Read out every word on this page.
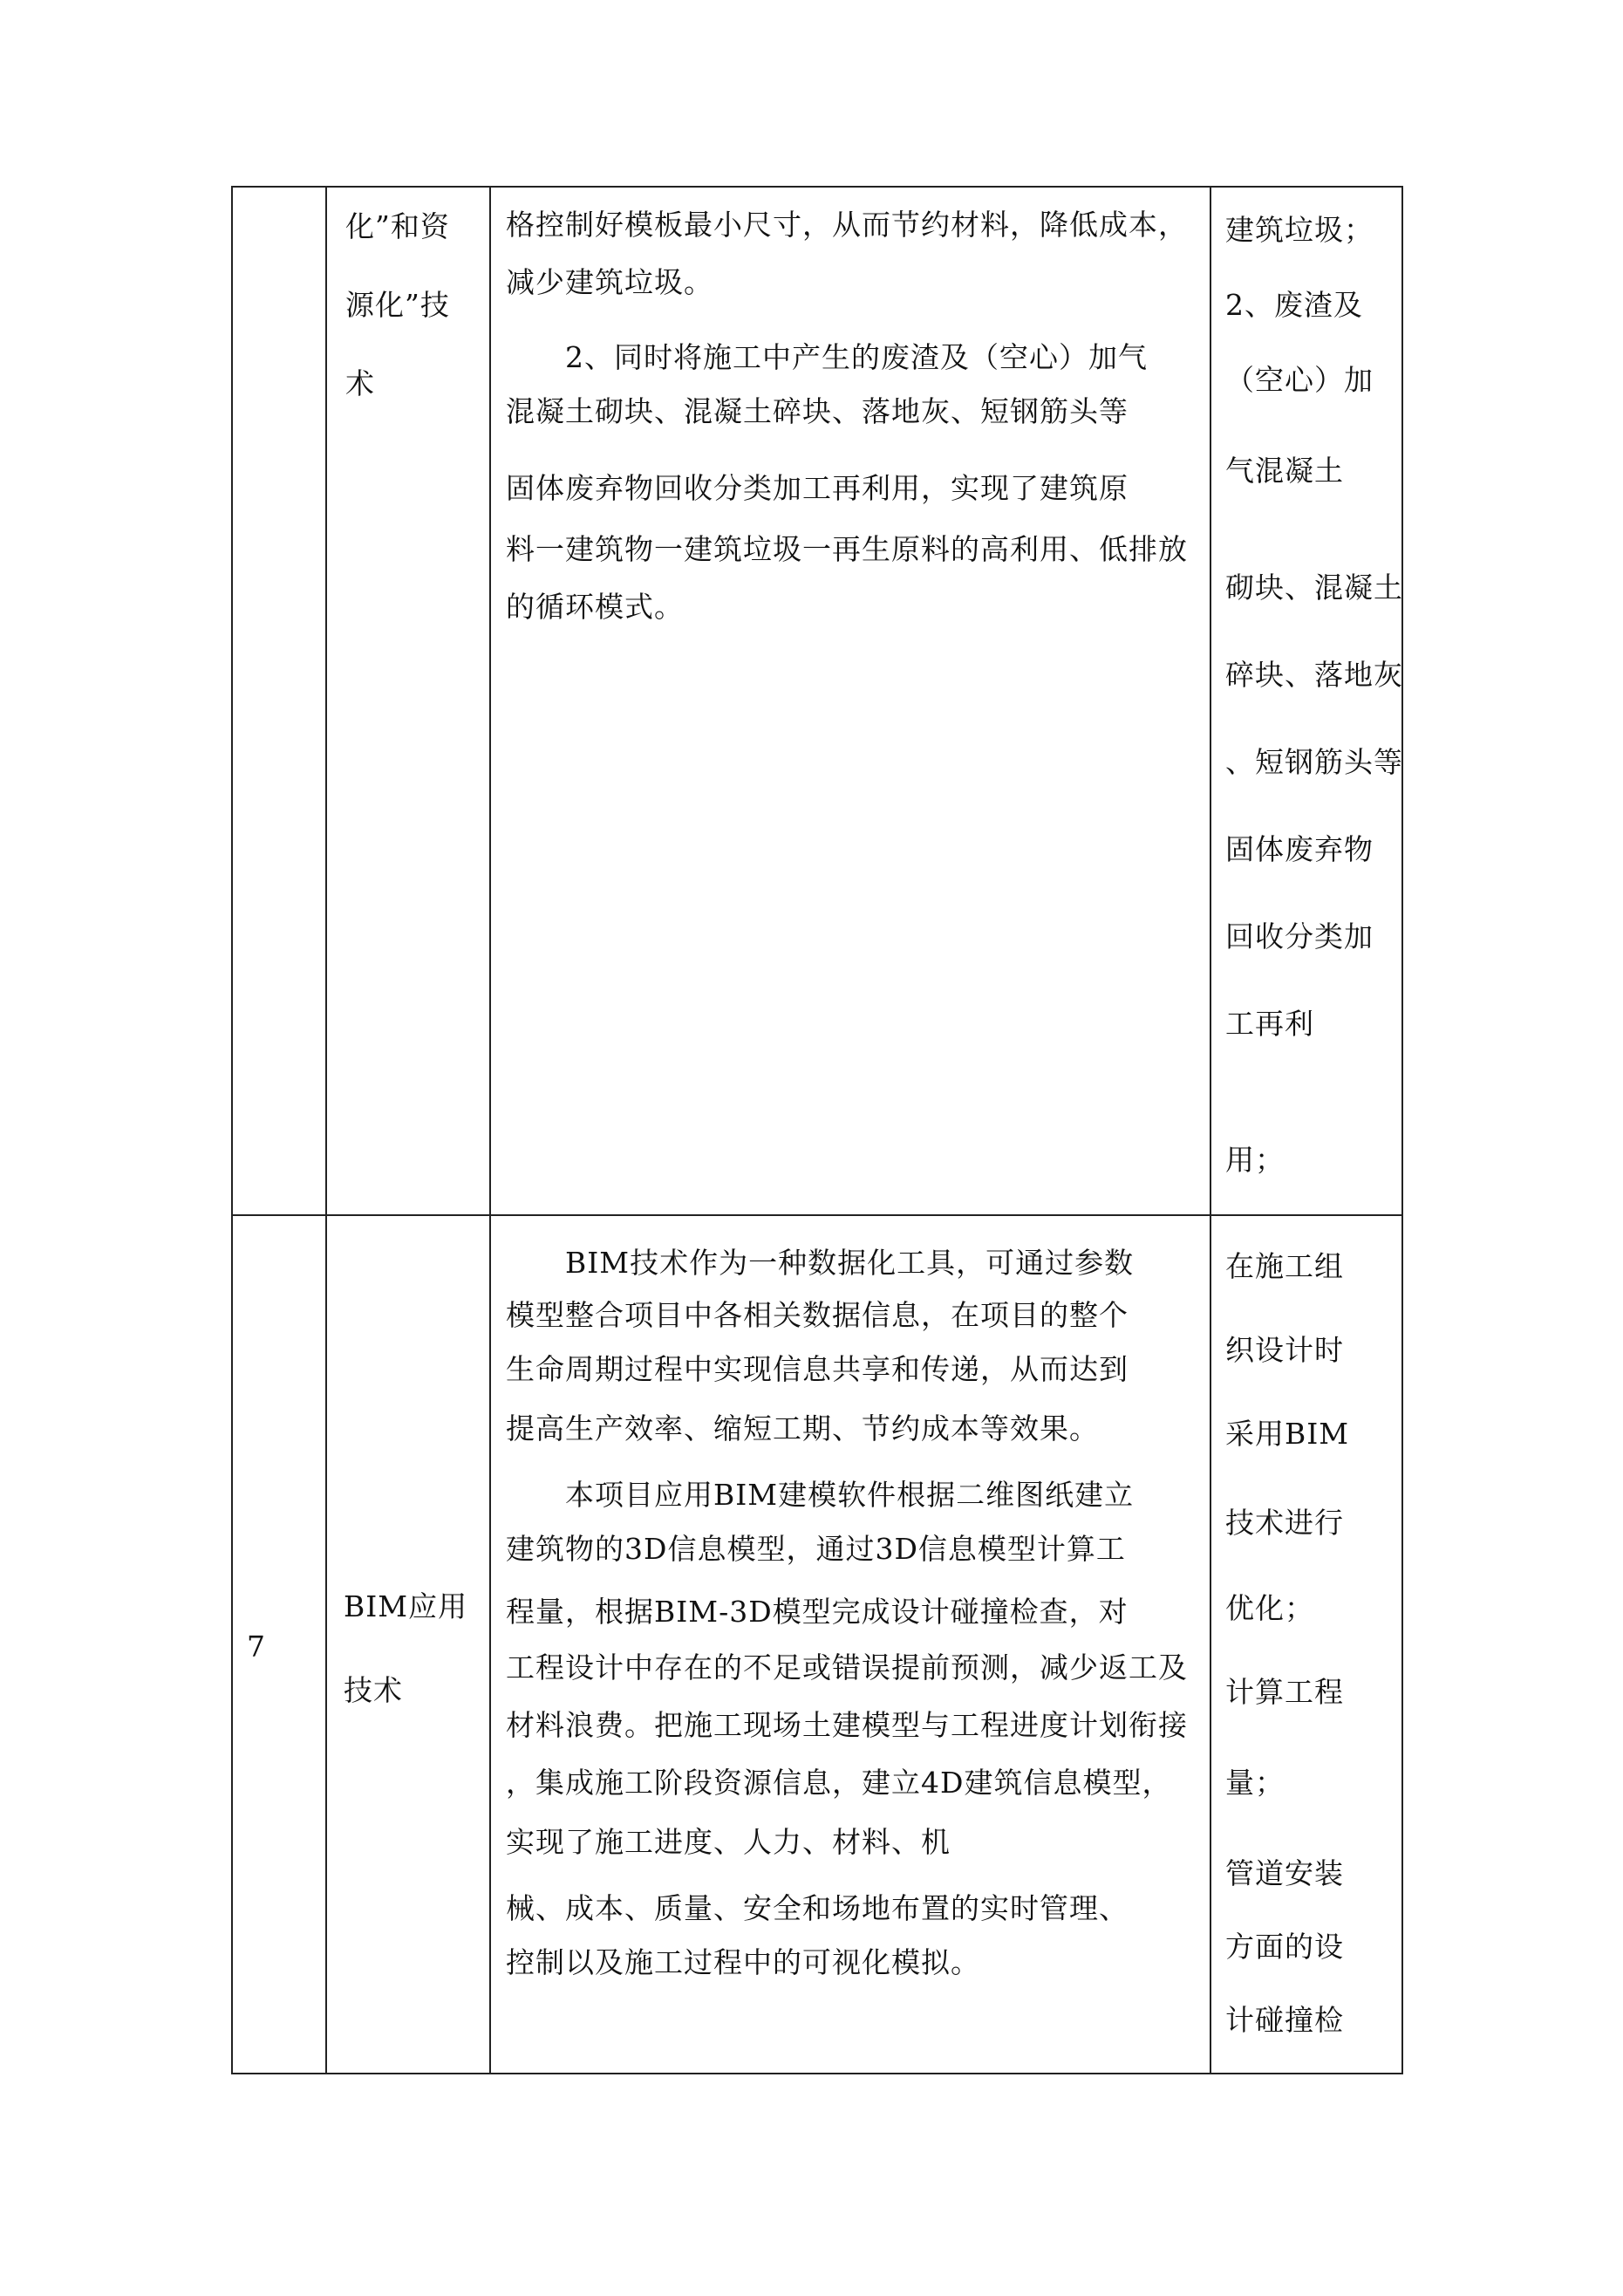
化”和资
源化”技
术
格控制好模板最小尺寸，从而节约材料，降低成本，
减少建筑垃圾。
　　2、同时将施工中产生的废渣及（空心）加气
混凝土砌块、混凝土碎块、落地灰、短钢筋头等
固体废弃物回收分类加工再利用，实现了建筑原
料一建筑物一建筑垃圾一再生原料的高利用、低排放
的循环模式。
建筑垃圾；
2、废渣及
（空心）加
气混凝土
砌块、混凝土
碎块、落地灰
、短钢筋头等
固体废弃物
回收分类加
工再利
用；
7
BIM应用
技术
　　BIM技术作为一种数据化工具，可通过参数
模型整合项目中各相关数据信息，在项目的整个
生命周期过程中实现信息共享和传递，从而达到
提高生产效率、缩短工期、节约成本等效果。
　　本项目应用BIM建模软件根据二维图纸建立
建筑物的3D信息模型，通过3D信息模型计算工
程量，根据BIM-3D模型完成设计碰撞检查，对
工程设计中存在的不足或错误提前预测，减少返工及
材料浪费。把施工现场土建模型与工程进度计划衔接
，集成施工阶段资源信息，建立4D建筑信息模型，
实现了施工进度、人力、材料、机
械、成本、质量、安全和场地布置的实时管理、
控制以及施工过程中的可视化模拟。
在施工组
织设计时
采用BIM
技术进行
优化；
计算工程
量；
管道安装
方面的设
计碰撞检
